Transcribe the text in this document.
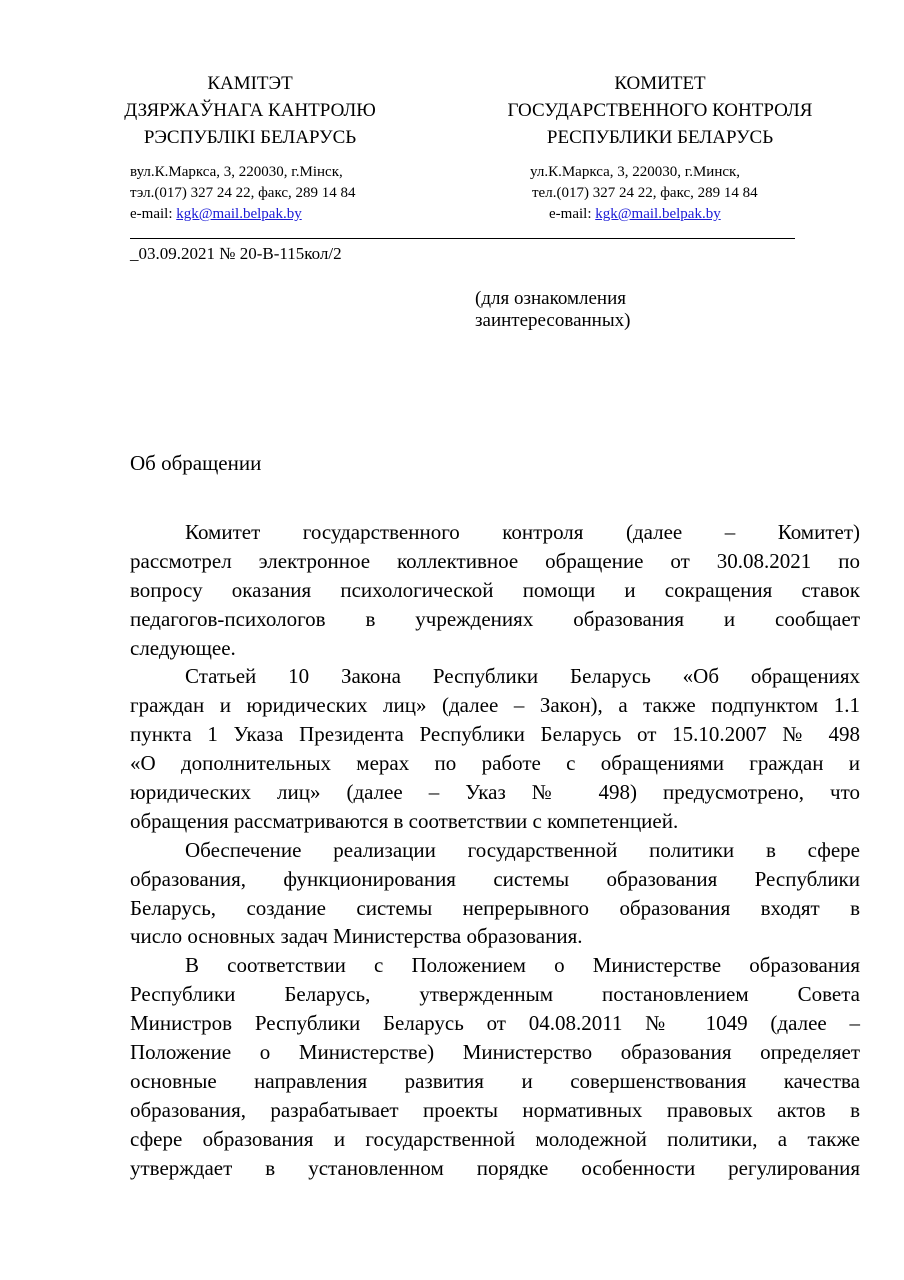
КАМІТЭТ
ДЗЯРЖАЎНАГА КАНТРОЛЮ
РЭСПУБЛІКІ БЕЛАРУСЬ
КОМИТЕТ
ГОСУДАРСТВЕННОГО КОНТРОЛЯ
РЕСПУБЛИКИ БЕЛАРУСЬ
вул.К.Маркса, 3, 220030, г.Мінск,
тэл.(017) 327 24 22, факс, 289 14 84
e-mail: kgk@mail.belpak.by
ул.К.Маркса, 3, 220030, г.Минск,
тел.(017) 327 24 22, факс, 289 14 84
e-mail: kgk@mail.belpak.by
_03.09.2021 № 20-В-115кол/2
(для ознакомления
заинтересованных)
Об обращении
Комитет государственного контроля (далее – Комитет)
рассмотрел электронное коллективное обращение от 30.08.2021 по
вопросу оказания психологической помощи и сокращения ставок
педагогов-психологов в учреждениях образования и сообщает
следующее.
Статьей 10 Закона Республики Беларусь «Об обращениях
граждан и юридических лиц» (далее – Закон), а также подпунктом 1.1
пункта 1 Указа Президента Республики Беларусь от 15.10.2007 № 498
«О дополнительных мерах по работе с обращениями граждан и
юридических лиц» (далее – Указ № 498) предусмотрено, что
обращения рассматриваются в соответствии с компетенцией.
Обеспечение реализации государственной политики в сфере
образования, функционирования системы образования Республики
Беларусь, создание системы непрерывного образования входят в
число основных задач Министерства образования.
В соответствии с Положением о Министерстве образования
Республики Беларусь, утвержденным постановлением Совета
Министров Республики Беларусь от 04.08.2011 № 1049 (далее –
Положение о Министерстве) Министерство образования определяет
основные направления развития и совершенствования качества
образования, разрабатывает проекты нормативных правовых актов в
сфере образования и государственной молодежной политики, а также
утверждает в установленном порядке особенности регулирования
